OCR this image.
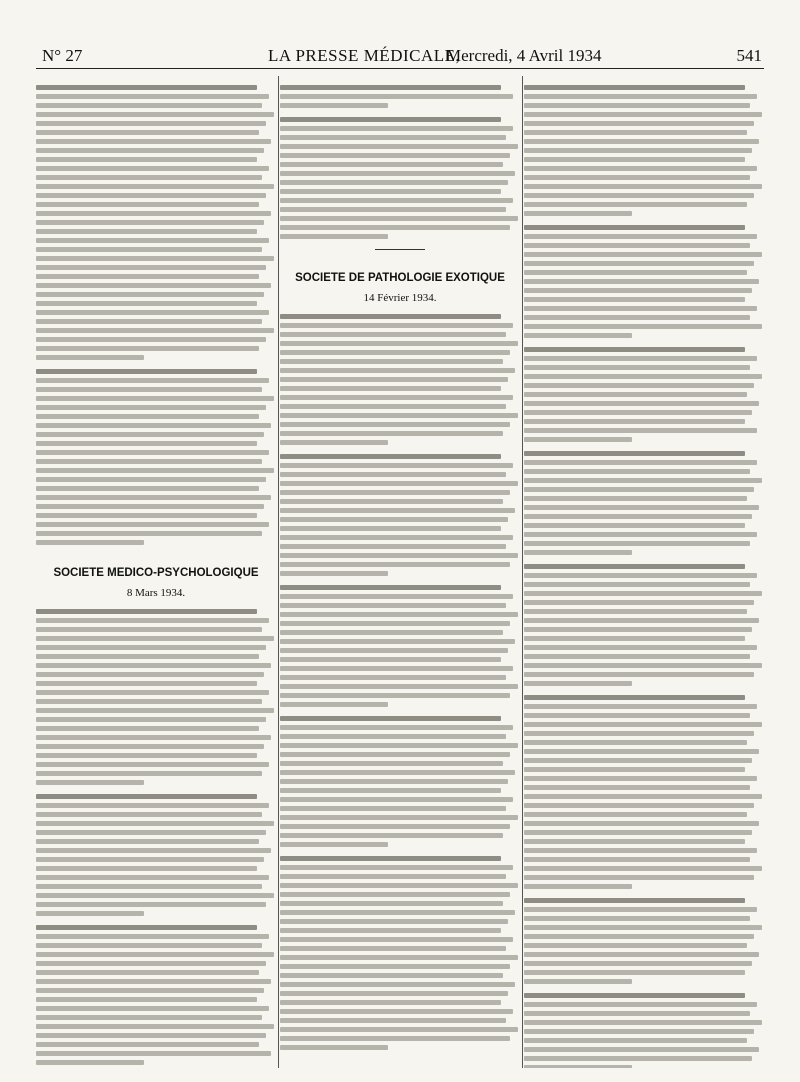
N° 27	LA PRESSE MÉDICALE,
Mercredi, 4 Avril 1934	541
SOCIÉTÉ MÉDICO-PSYCHOLOGIQUE
8 Mars 1934.
SOCIÉTÉ DE PATHOLOGIE EXOTIQUE
14 Février 1934.
